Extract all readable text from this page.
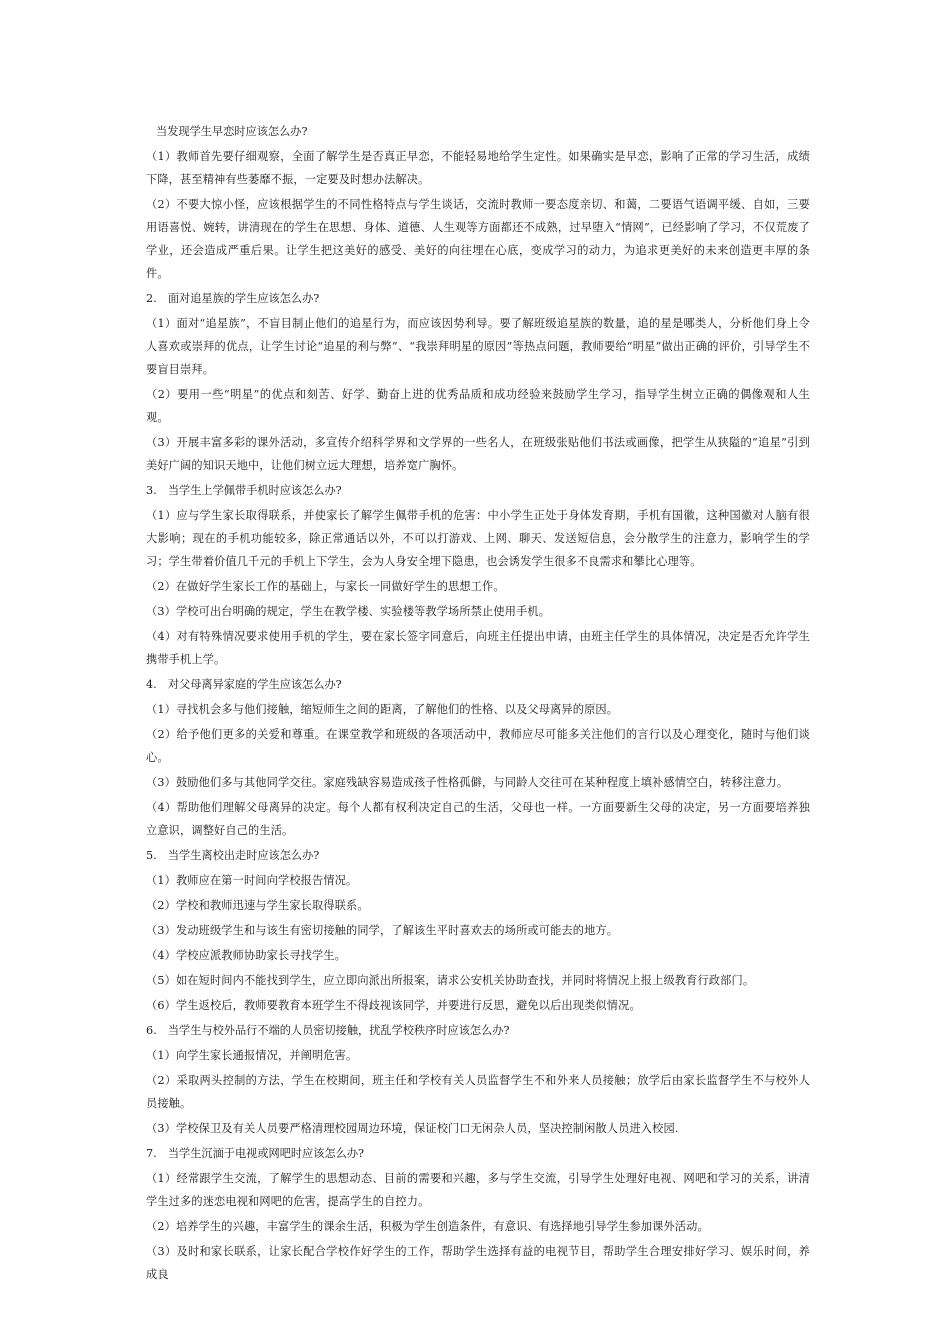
当发现学生早恋时应该怎么办?

（1）教师首先要仔细观察，全面了解学生是否真正早恋，不能轻易地给学生定性。如果确实是早恋，影响了正常的学习生活，成绩下降，甚至精神有些萎靡不振，一定要及时想办法解决。

（2）不要大惊小怪，应该根据学生的不同性格特点与学生谈话，交流时教师一要态度亲切、和蔼，二要语气语调平缓、自如，三要用语喜悦、婉转，讲清现在的学生在思想、身体、道德、人生观等方面都还不成熟，过早堕入“情网”，已经影响了学习，不仅荒废了学业，还会造成严重后果。让学生把这美好的感受、美好的向往埋在心底，变成学习的动力，为追求更美好的未来创造更丰厚的条件。

2.　面对追星族的学生应该怎么办?

（1）面对“追星族”，不盲目制止他们的追星行为，而应该因势利导。要了解班级追星族的数量，追的星是哪类人，分析他们身上令人喜欢或崇拜的优点，让学生讨论“追星的利与弊”、“我崇拜明星的原因”等热点问题，教师要给“明星”做出正确的评价，引导学生不要盲目崇拜。

（2）要用一些“明星”的优点和刻苦、好学、勤奋上进的优秀品质和成功经验来鼓励学生学习，指导学生树立正确的偶像观和人生观。

（3）开展丰富多彩的课外活动，多宣传介绍科学界和文学界的一些名人，在班级张贴他们书法或画像，把学生从狭隘的“追星”引到美好广阔的知识天地中，让他们树立远大理想，培养宽广胸怀。

3.　当学生上学佩带手机时应该怎么办?

（1）应与学生家长取得联系，并使家长了解学生佩带手机的危害：中小学生正处于身体发育期，手机有国徽，这种国徽对人脑有很大影响；现在的手机功能较多，除正常通话以外，不可以打游戏、上网、聊天、发送短信息，会分散学生的注意力，影响学生的学习；学生带着价值几千元的手机上下学生，会为人身安全埋下隐患，也会诱发学生很多不良需求和攀比心理等。

（2）在做好学生家长工作的基础上，与家长一同做好学生的思想工作。

（3）学校可出台明确的规定，学生在教学楼、实验楼等教学场所禁止使用手机。

（4）对有特殊情况要求使用手机的学生，要在家长签字同意后，向班主任提出申请，由班主任学生的具体情况，决定是否允许学生携带手机上学。

4.　对父母离异家庭的学生应该怎么办?

（1）寻找机会多与他们接触，缩短师生之间的距离，了解他们的性格、以及父母离异的原因。

（2）给予他们更多的关爱和尊重。在课堂教学和班级的各项活动中，教师应尽可能多关注他们的言行以及心理变化，随时与他们谈心。

（3）鼓励他们多与其他同学交往。家庭残缺容易造成孩子性格孤僻，与同龄人交往可在某种程度上填补感情空白，转移注意力。

（4）帮助他们理解父母离异的决定。每个人都有权利决定自己的生活，父母也一样。一方面要新生父母的决定，另一方面要培养独立意识，调整好自己的生活。

5.　当学生离校出走时应该怎么办?

（1）教师应在第一时间向学校报告情况。

（2）学校和教师迅速与学生家长取得联系。

（3）发动班级学生和与该生有密切接触的同学，了解该生平时喜欢去的场所或可能去的地方。

（4）学校应派教师协助家长寻找学生。

（5）如在短时间内不能找到学生，应立即向派出所报案，请求公安机关协助查找，并同时将情况上报上级教育行政部门。

（6）学生返校后，教师要教育本班学生不得歧视该同学，并要进行反思，避免以后出现类似情况。

6.　当学生与校外品行不端的人员密切接触，扰乱学校秩序时应该怎么办?

（1）向学生家长通报情况，并阐明危害。

（2）采取两头控制的方法，学生在校期间，班主任和学校有关人员监督学生不和外来人员接触；放学后由家长监督学生不与校外人员接触。

（3）学校保卫及有关人员要严格清理校园周边环境，保证校门口无闲杂人员，坚决控制闲散人员进入校园.

7.　当学生沉湎于电视或网吧时应该怎么办?

（1）经常跟学生交流，了解学生的思想动态、目前的需要和兴趣，多与学生交流，引导学生处理好电视、网吧和学习的关系，讲清学生过多的迷恋电视和网吧的危害，提高学生的自控力。

（2）培养学生的兴趣，丰富学生的课余生活，积极为学生创造条件，有意识、有选择地引导学生参加课外活动。

（3）及时和家长联系，让家长配合学校作好学生的工作，帮助学生选择有益的电视节目，帮助学生合理安排好学习、娱乐时间，养成良
